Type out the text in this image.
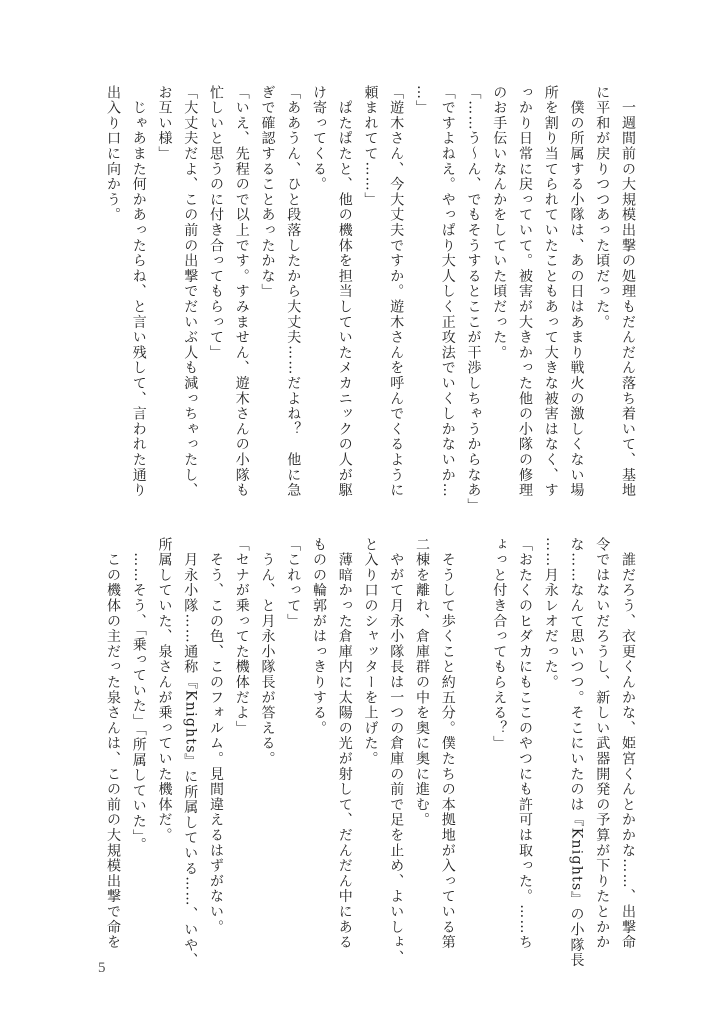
　一週間前の大規模出撃の処理もだんだん落ち着いて、基地
に平和が戻りつつあった頃だった。
　僕の所属する小隊は、あの日はあまり戦火の激しくない場
所を割り当てられていたこともあって大きな被害はなく、す
っかり日常に戻っていて。被害が大きかった他の小隊の修理
のお手伝いなんかをしていた頃だった。
「……う～ん、でもそうするとここが干渉しちゃうからなあ」
「ですよねえ。やっぱり大人しく正攻法でいくしかないか…
…」
「遊木さん、今大丈夫ですか。遊木さんを呼んでくるように
頼まれてて……」
　ぱたぱたと、他の機体を担当していたメカニックの人が駆
け寄ってくる。
「ああうん、ひと段落したから大丈夫……だよね？　他に急
ぎで確認することあったかな」
「いえ、先程ので以上です。すみません、遊木さんの小隊も
忙しいと思うのに付き合ってもらって」
「大丈夫だよ、この前の出撃でだいぶ人も減っちゃったし、
お互い様」
　じゃあまた何かあったらね、と言い残して、言われた通り
出入り口に向かう。
　誰だろう、衣更くんかな、姫宮くんとかかな……、出撃命
令ではないだろうし、新しい武器開発の予算が下りたとかか
な……なんて思いつつ。そこにいたのは『Knights』の小隊長
……月永レオだった。
「おたくのヒダカにもここのやつにも許可は取った。……ち
ょっと付き合ってもらえる？」
　そうして歩くこと約五分。僕たちの本拠地が入っている第
二棟を離れ、倉庫群の中を奥に奥に進む。
　やがて月永小隊長は一つの倉庫の前で足を止め、よいしょ、
と入り口のシャッターを上げた。
　薄暗かった倉庫内に太陽の光が射して、だんだん中にある
ものの輪郭がはっきりする。
「これって」
　うん、と月永小隊長が答える。
「セナが乗ってた機体だよ」
　そう、この色、このフォルム。見間違えるはずがない。
　月永小隊……通称『Knights』に所属している……、いや、
所属していた、泉さんが乗っていた機体だ。
　……そう、「乗っていた」「所属していた」。
　この機体の主だった泉さんは、この前の大規模出撃で命を
5
